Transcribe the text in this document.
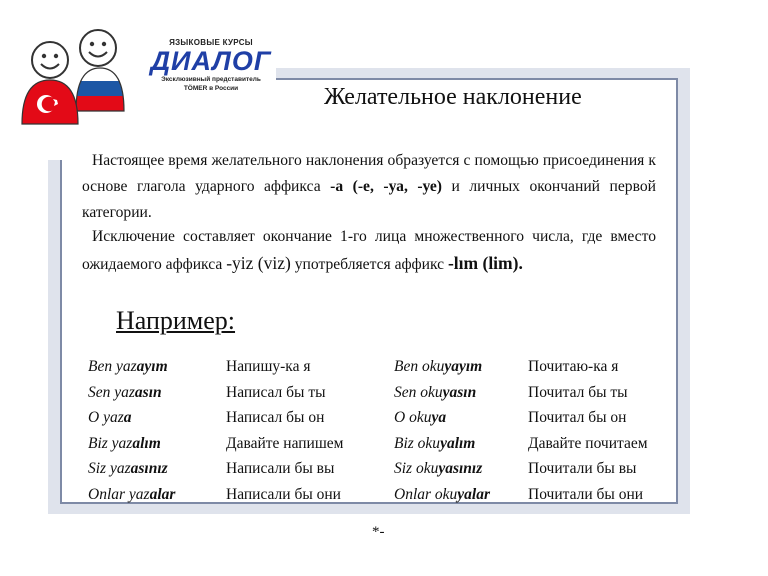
ЯЗЫКОВЫЕ КУРСЫ
ДИАЛОГ
Эксклюзивный представитель
TÖMER в России	Желательное наклонение
Настоящее время желательного наклонения образуется с помощью присоединения к основе глагола ударного аффикса -а (-е, -уа, -уе) и личных окончаний первой категории.
Исключение составляет окончание 1-го лица множественного числа, где вместо ожидаемого аффикса -yiz (viz) употребляется аффикс -lım (lim).
Например:
Ben yazayım
Sen yazasın
O yaza
Biz yazalım
Siz yazasınız
Onlar yazalar
Напишу-ка я
Написал бы ты
Написал бы он
Давайте напишем
Написали бы вы
Написали бы они
Ben okuyayım
Sen okuyasın
O okuya
Biz okuyalım
Siz okuyasınız
Onlar okuyalar
Почитаю-ка я
Почитал бы ты
Почитал бы он
Давайте почитаем
Почитали бы вы
Почитали бы они
*-
